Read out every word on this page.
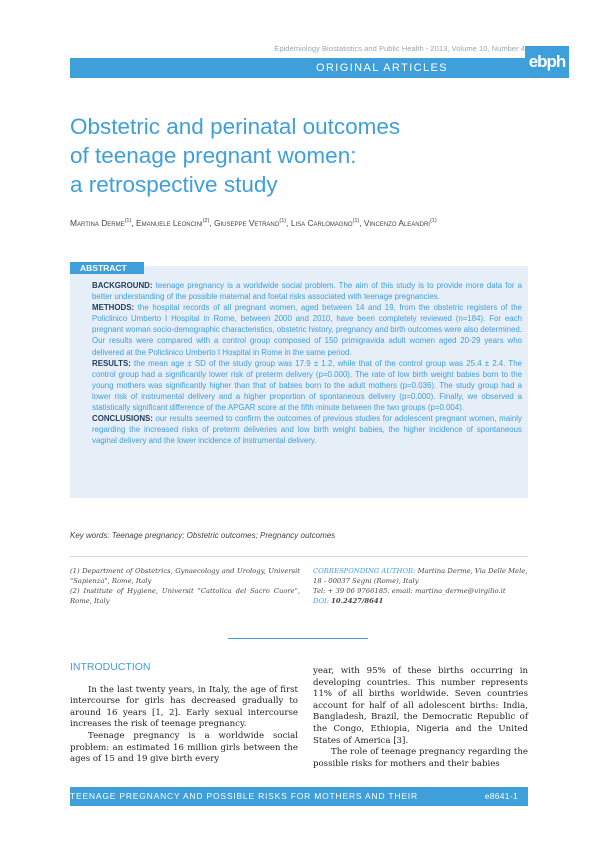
Epidemiology Biostatistics and Public Health - 2013, Volume 10, Number 4
ORIGINAL ARTICLES	ebph
Obstetric and perinatal outcomes
of teenage pregnant women:
a retrospective study
Martina Derme$^{(1)}$, Emanuele Leoncini$^{(2)}$, Giuseppe Vetrano$^{(1)}$, Lisa Carlomagno$^{(1)}$, Vincenzo Aleandri$^{(1)}$
ABSTRACT

BACKGROUND: teenage pregnancy is a worldwide social problem. The aim of this study is to provide more data for a better understanding of the possible maternal and foetal risks associated with teenage pregnancies.

METHODS: the hospital records of all pregnant women, aged between 14 and 19, from the obstetric registers of the Policlinico Umberto I Hospital in Rome, between 2000 and 2010, have been completely reviewed (n=184). For each pregnant woman socio-demographic characteristics, obstetric history, pregnancy and birth outcomes were also determined. Our results were compared with a control group composed of 150 primigravida adult women aged 20-29 years who delivered at the Policlinico Umberto I Hospital in Rome in the same period.

RESULTS: the mean age ± SD of the study group was 17.9 ± 1.2, while that of the control group was 25.4 ± 2.4. The control group had a significantly lower risk of preterm delivery (p=0.000). The rate of low birth weight babies born to the young mothers was significantly higher than that of babies born to the adult mothers (p=0.036). The study group had a lower risk of instrumental delivery and a higher proportion of spontaneous delivery (p=0.000). Finally, we observed a statistically significant difference of the APGAR score at the fifth minute between the two groups (p=0.004).

CONCLUSIONS: our results seemed to confirm the outcomes of previous studies for adolescent pregnant women, mainly regarding the increased risks of preterm deliveries and low birth weight babies, the higher incidence of spontaneous vaginal delivery and the lower incidence of instrumental delivery.

Key words: Teenage pregnancy; Obstetric outcomes; Pregnancy outcomes
(1) Department of Obstetrics, Gynaecology and Urology, Universit "Sapienza", Rome, Italy
(2) Institute of Hygiene, Universit "Cattolica del Sacro Cuore", Rome, Italy
CORRESPONDING AUTHOR: Martina Derme, Via Delle Mele, 18 - 00037 Segni (Rome), Italy
Tel: + 39 06 9766185. email: martina_derme@virgilio.it
DOI: 10.2427/8641
INTRODUCTION

In the last twenty years, in Italy, the age of first intercourse for girls has decreased gradually to around 16 years [1, 2]. Early sexual intercourse increases the risk of teenage pregnancy.

Teenage pregnancy is a worldwide social problem: an estimated 16 million girls between the ages of 15 and 19 give birth every

year, with 95% of these births occurring in developing countries. This number represents 11% of all births worldwide. Seven countries account for half of all adolescent births: India, Bangladesh, Brazil, the Democratic Republic of the Congo, Ethiopia, Nigeria and the United States of America [3].

The role of teenage pregnancy regarding the possible risks for mothers and their babies

TEENAGE PREGNANCY AND POSSIBLE RISKS FOR MOTHERS AND THEIR BABIES
e8641-1
